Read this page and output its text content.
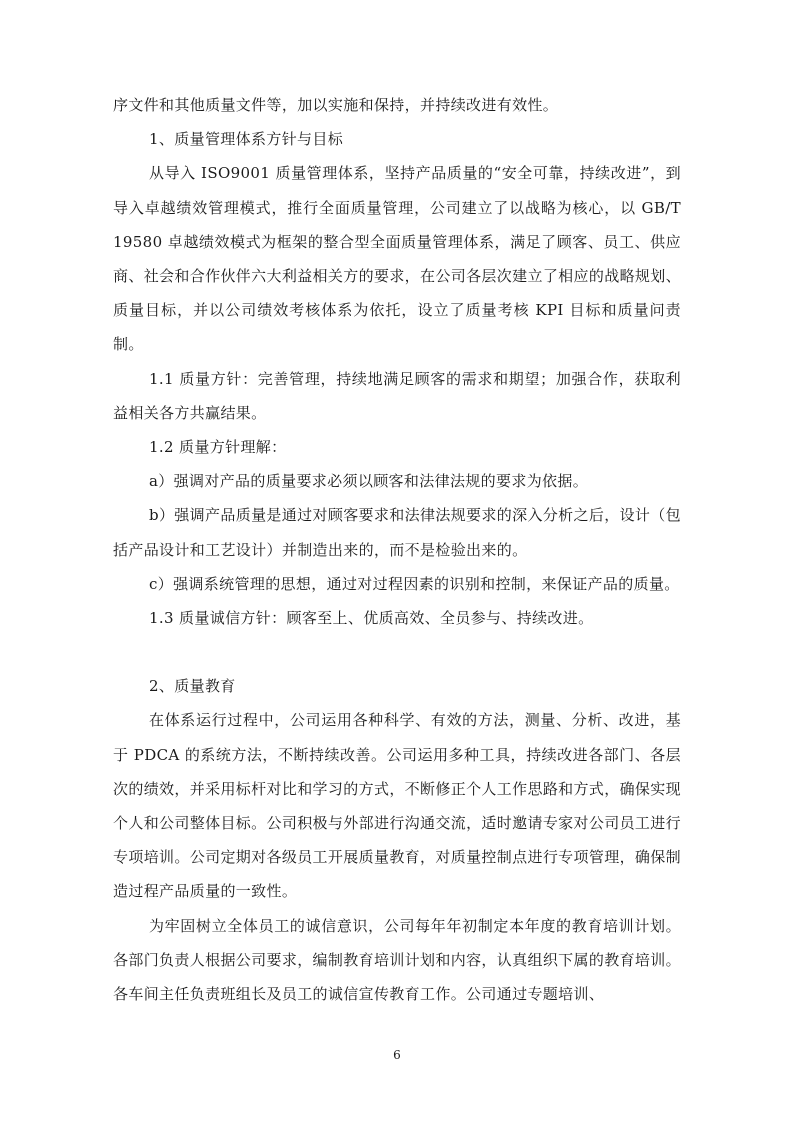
序文件和其他质量文件等，加以实施和保持，并持续改进有效性。

1、质量管理体系方针与目标

从导入 ISO9001 质量管理体系，坚持产品质量的“安全可靠，持续改进”，到导入卓越绩效管理模式，推行全面质量管理，公司建立了以战略为核心，以 GB/T 19580 卓越绩效模式为框架的整合型全面质量管理体系，满足了顾客、员工、供应商、社会和合作伙伴六大利益相关方的要求，在公司各层次建立了相应的战略规划、质量目标，并以公司绩效考核体系为依托，设立了质量考核 KPI 目标和质量问责制。

1.1 质量方针：完善管理，持续地满足顾客的需求和期望；加强合作，获取利益相关各方共赢结果。

1.2 质量方针理解：

a）强调对产品的质量要求必须以顾客和法律法规的要求为依据。

b）强调产品质量是通过对顾客要求和法律法规要求的深入分析之后，设计（包括产品设计和工艺设计）并制造出来的，而不是检验出来的。

c）强调系统管理的思想，通过对过程因素的识别和控制，来保证产品的质量。

1.3 质量诚信方针：顾客至上、优质高效、全员参与、持续改进。

2、质量教育

在体系运行过程中，公司运用各种科学、有效的方法，测量、分析、改进，基于 PDCA 的系统方法，不断持续改善。公司运用多种工具，持续改进各部门、各层次的绩效，并采用标杆对比和学习的方式，不断修正个人工作思路和方式，确保实现个人和公司整体目标。公司积极与外部进行沟通交流，适时邀请专家对公司员工进行专项培训。公司定期对各级员工开展质量教育，对质量控制点进行专项管理，确保制造过程产品质量的一致性。

为牢固树立全体员工的诚信意识，公司每年年初制定本年度的教育培训计划。各部门负责人根据公司要求，编制教育培训计划和内容，认真组织下属的教育培训。各车间主任负责班组长及员工的诚信宣传教育工作。公司通过专题培训、

6
